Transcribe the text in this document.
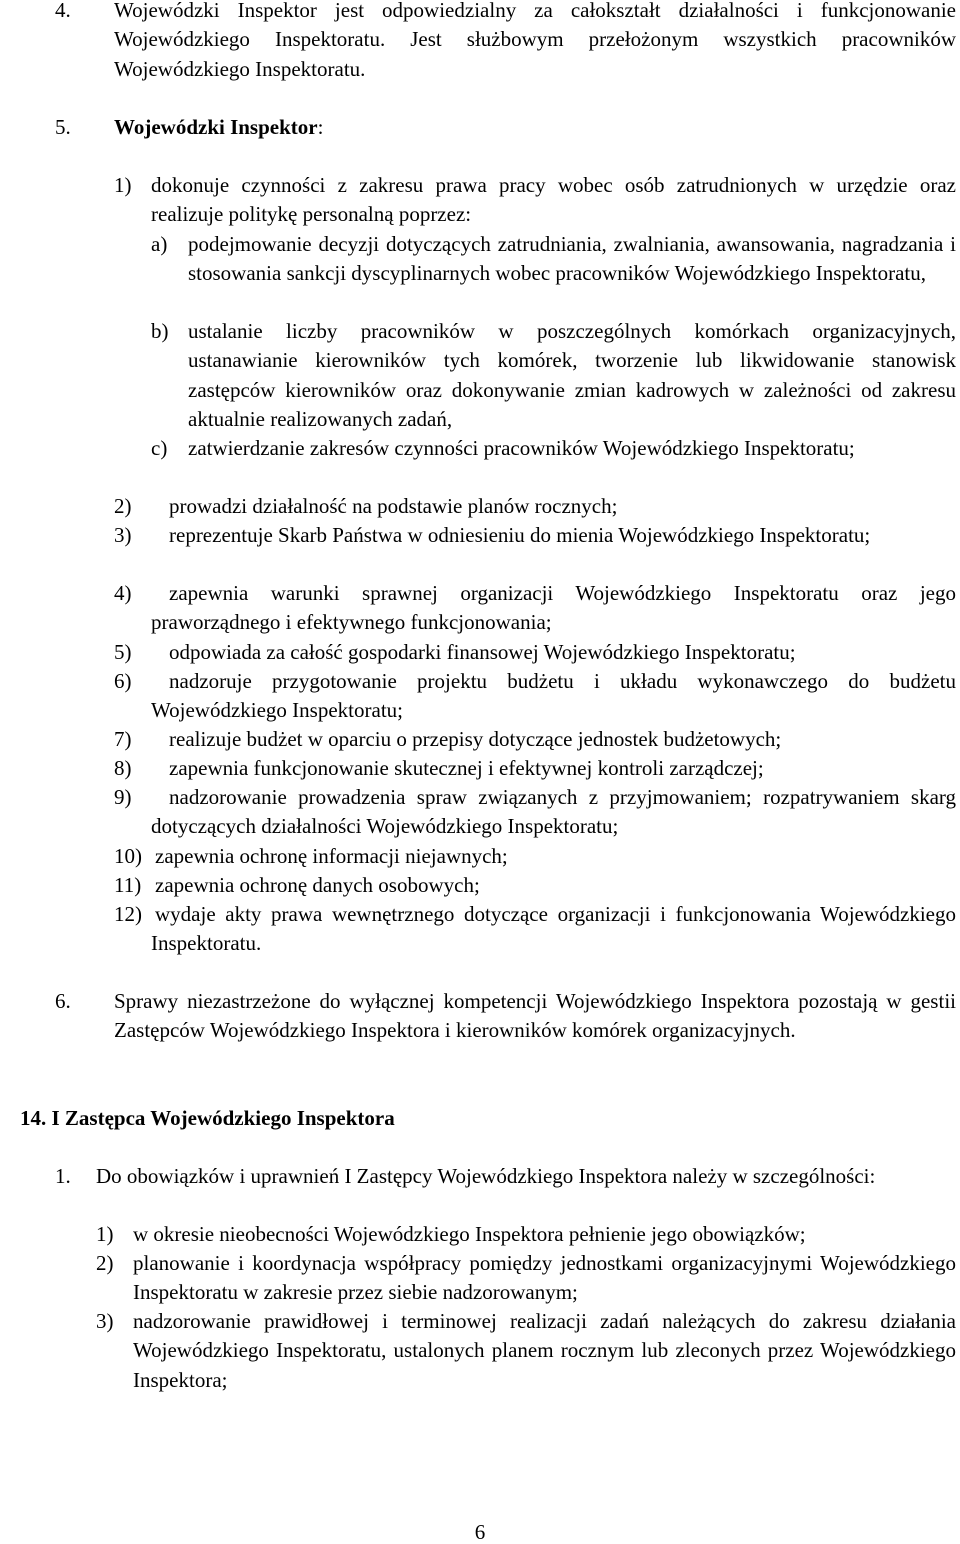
4. Wojewódzki Inspektor jest odpowiedzialny za całokształt działalności i funkcjonowanie Wojewódzkiego Inspektoratu. Jest służbowym przełożonym wszystkich pracowników Wojewódzkiego Inspektoratu.

5. Wojewódzki Inspektor:
1) dokonuje czynności z zakresu prawa pracy wobec osób zatrudnionych w urzędzie oraz realizuje politykę personalną poprzez:

a) podejmowanie decyzji dotyczących zatrudniania, zwalniania, awansowania, nagradzania i stosowania sankcji dyscyplinarnych wobec pracowników Wojewódzkiego Inspektoratu,

b) ustalanie liczby pracowników w poszczególnych komórkach organizacyjnych, ustanawianie kierowników tych komórek, tworzenie lub likwidowanie stanowisk zastępców kierowników oraz dokonywanie zmian kadrowych w zależności od zakresu aktualnie realizowanych zadań,

c) zatwierdzanie zakresów czynności pracowników Wojewódzkiego Inspektoratu;

2)	prowadzi działalność na podstawie planów rocznych;

3)	reprezentuje Skarb Państwa w odniesieniu do mienia Wojewódzkiego Inspektoratu;

4)	zapewnia warunki sprawnej organizacji Wojewódzkiego Inspektoratu oraz jego praworządnego i efektywnego funkcjonowania;

5)	odpowiada za całość gospodarki finansowej Wojewódzkiego Inspektoratu;

6)	nadzoruje przygotowanie projektu budżetu i układu wykonawczego do budżetu Wojewódzkiego Inspektoratu;

7)	realizuje budżet w oparciu o przepisy dotyczące jednostek budżetowych;

8)	zapewnia funkcjonowanie skutecznej i efektywnej kontroli zarządczej;

9)	nadzorowanie prowadzenia spraw związanych z przyjmowaniem; rozpatrywaniem skarg dotyczących działalności Wojewódzkiego Inspektoratu;

10) zapewnia ochronę informacji niejawnych;

11) zapewnia ochronę danych osobowych;

12) wydaje akty prawa wewnętrznego dotyczące organizacji i funkcjonowania Wojewódzkiego Inspektoratu.

6. Sprawy niezastrzeżone do wyłącznej kompetencji Wojewódzkiego Inspektora pozostają w gestii Zastępców Wojewódzkiego Inspektora i kierowników komórek organizacyjnych.

14. I Zastępca Wojewódzkiego Inspektora
1. Do obowiązków i uprawnień I Zastępcy Wojewódzkiego Inspektora należy w szczególności:

1) w okresie nieobecności Wojewódzkiego Inspektora pełnienie jego obowiązków;

2) planowanie i koordynacja współpracy pomiędzy jednostkami organizacyjnymi Wojewódzkiego Inspektoratu w zakresie przez siebie nadzorowanym;

3) nadzorowanie prawidłowej i terminowej realizacji zadań należących do zakresu działania Wojewódzkiego Inspektoratu, ustalonych planem rocznym lub zleconych przez Wojewódzkiego Inspektora;

6
